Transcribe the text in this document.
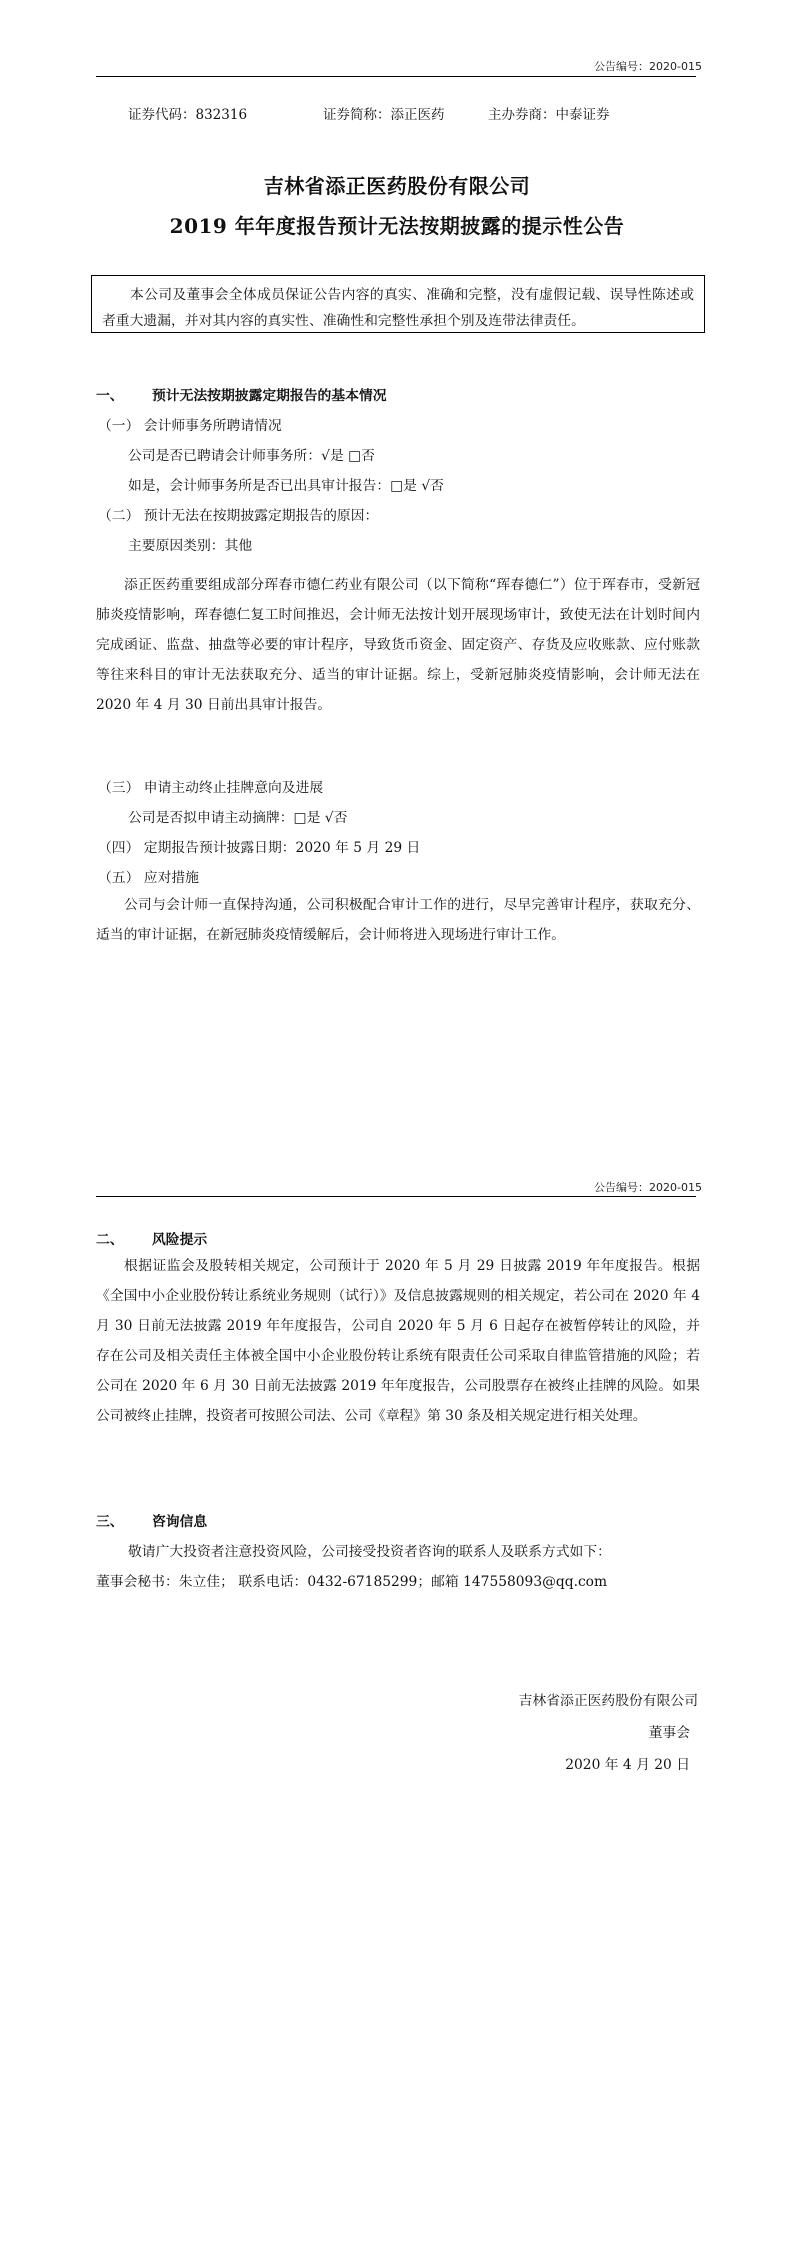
公告编号：2020-015
证券代码：832316	证券简称：添正医药	主办券商：中泰证券
吉林省添正医药股份有限公司
2019 年年度报告预计无法按期披露的提示性公告

本公司及董事会全体成员保证公告内容的真实、准确和完整，没有虚假记载、误导性陈述或者重大遗漏，并对其内容的真实性、准确性和完整性承担个别及连带法律责任。

一、 预计无法按期披露定期报告的基本情况
（一） 会计师事务所聘请情况
公司是否已聘请会计师事务所：√是 □否
如是，会计师事务所是否已出具审计报告：□是 √否
（二） 预计无法在按期披露定期报告的原因：
主要原因类别：其他

添正医药重要组成部分珲春市德仁药业有限公司（以下简称“珲春德仁”）位于珲春市，受新冠肺炎疫情影响，珲春德仁复工时间推迟，会计师无法按计划开展现场审计，致使无法在计划时间内完成函证、监盘、抽盘等必要的审计程序，导致货币资金、固定资产、存货及应收账款、应付账款等往来科目的审计无法获取充分、适当的审计证据。综上，受新冠肺炎疫情影响，会计师无法在 2020 年 4 月 30 日前出具审计报告。

（三） 申请主动终止挂牌意向及进展
公司是否拟申请主动摘牌：□是 √否
（四） 定期报告预计披露日期：2020 年 5 月 29 日
（五） 应对措施

公司与会计师一直保持沟通，公司积极配合审计工作的进行，尽早完善审计程序，获取充分、适当的审计证据，在新冠肺炎疫情缓解后，会计师将进入现场进行审计工作。

公告编号：2020-015
二、 风险提示

根据证监会及股转相关规定，公司预计于 2020 年 5 月 29 日披露 2019 年年度报告。根据《全国中小企业股份转让系统业务规则（试行）》及信息披露规则的相关规定，若公司在 2020 年 4 月 30 日前无法披露 2019 年年度报告，公司自 2020 年 5 月 6 日起存在被暂停转让的风险，并存在公司及相关责任主体被全国中小企业股份转让系统有限责任公司采取自律监管措施的风险；若公司在 2020 年 6 月 30 日前无法披露 2019 年年度报告，公司股票存在被终止挂牌的风险。如果公司被终止挂牌，投资者可按照公司法、公司《章程》第 30 条及相关规定进行相关处理。

三、 咨询信息
敬请广大投资者注意投资风险，公司接受投资者咨询的联系人及联系方式如下：
董事会秘书：朱立佳； 联系电话：0432-67185299；邮箱 147558093@qq.com
吉林省添正医药股份有限公司
董事会
2020 年 4 月 20 日
